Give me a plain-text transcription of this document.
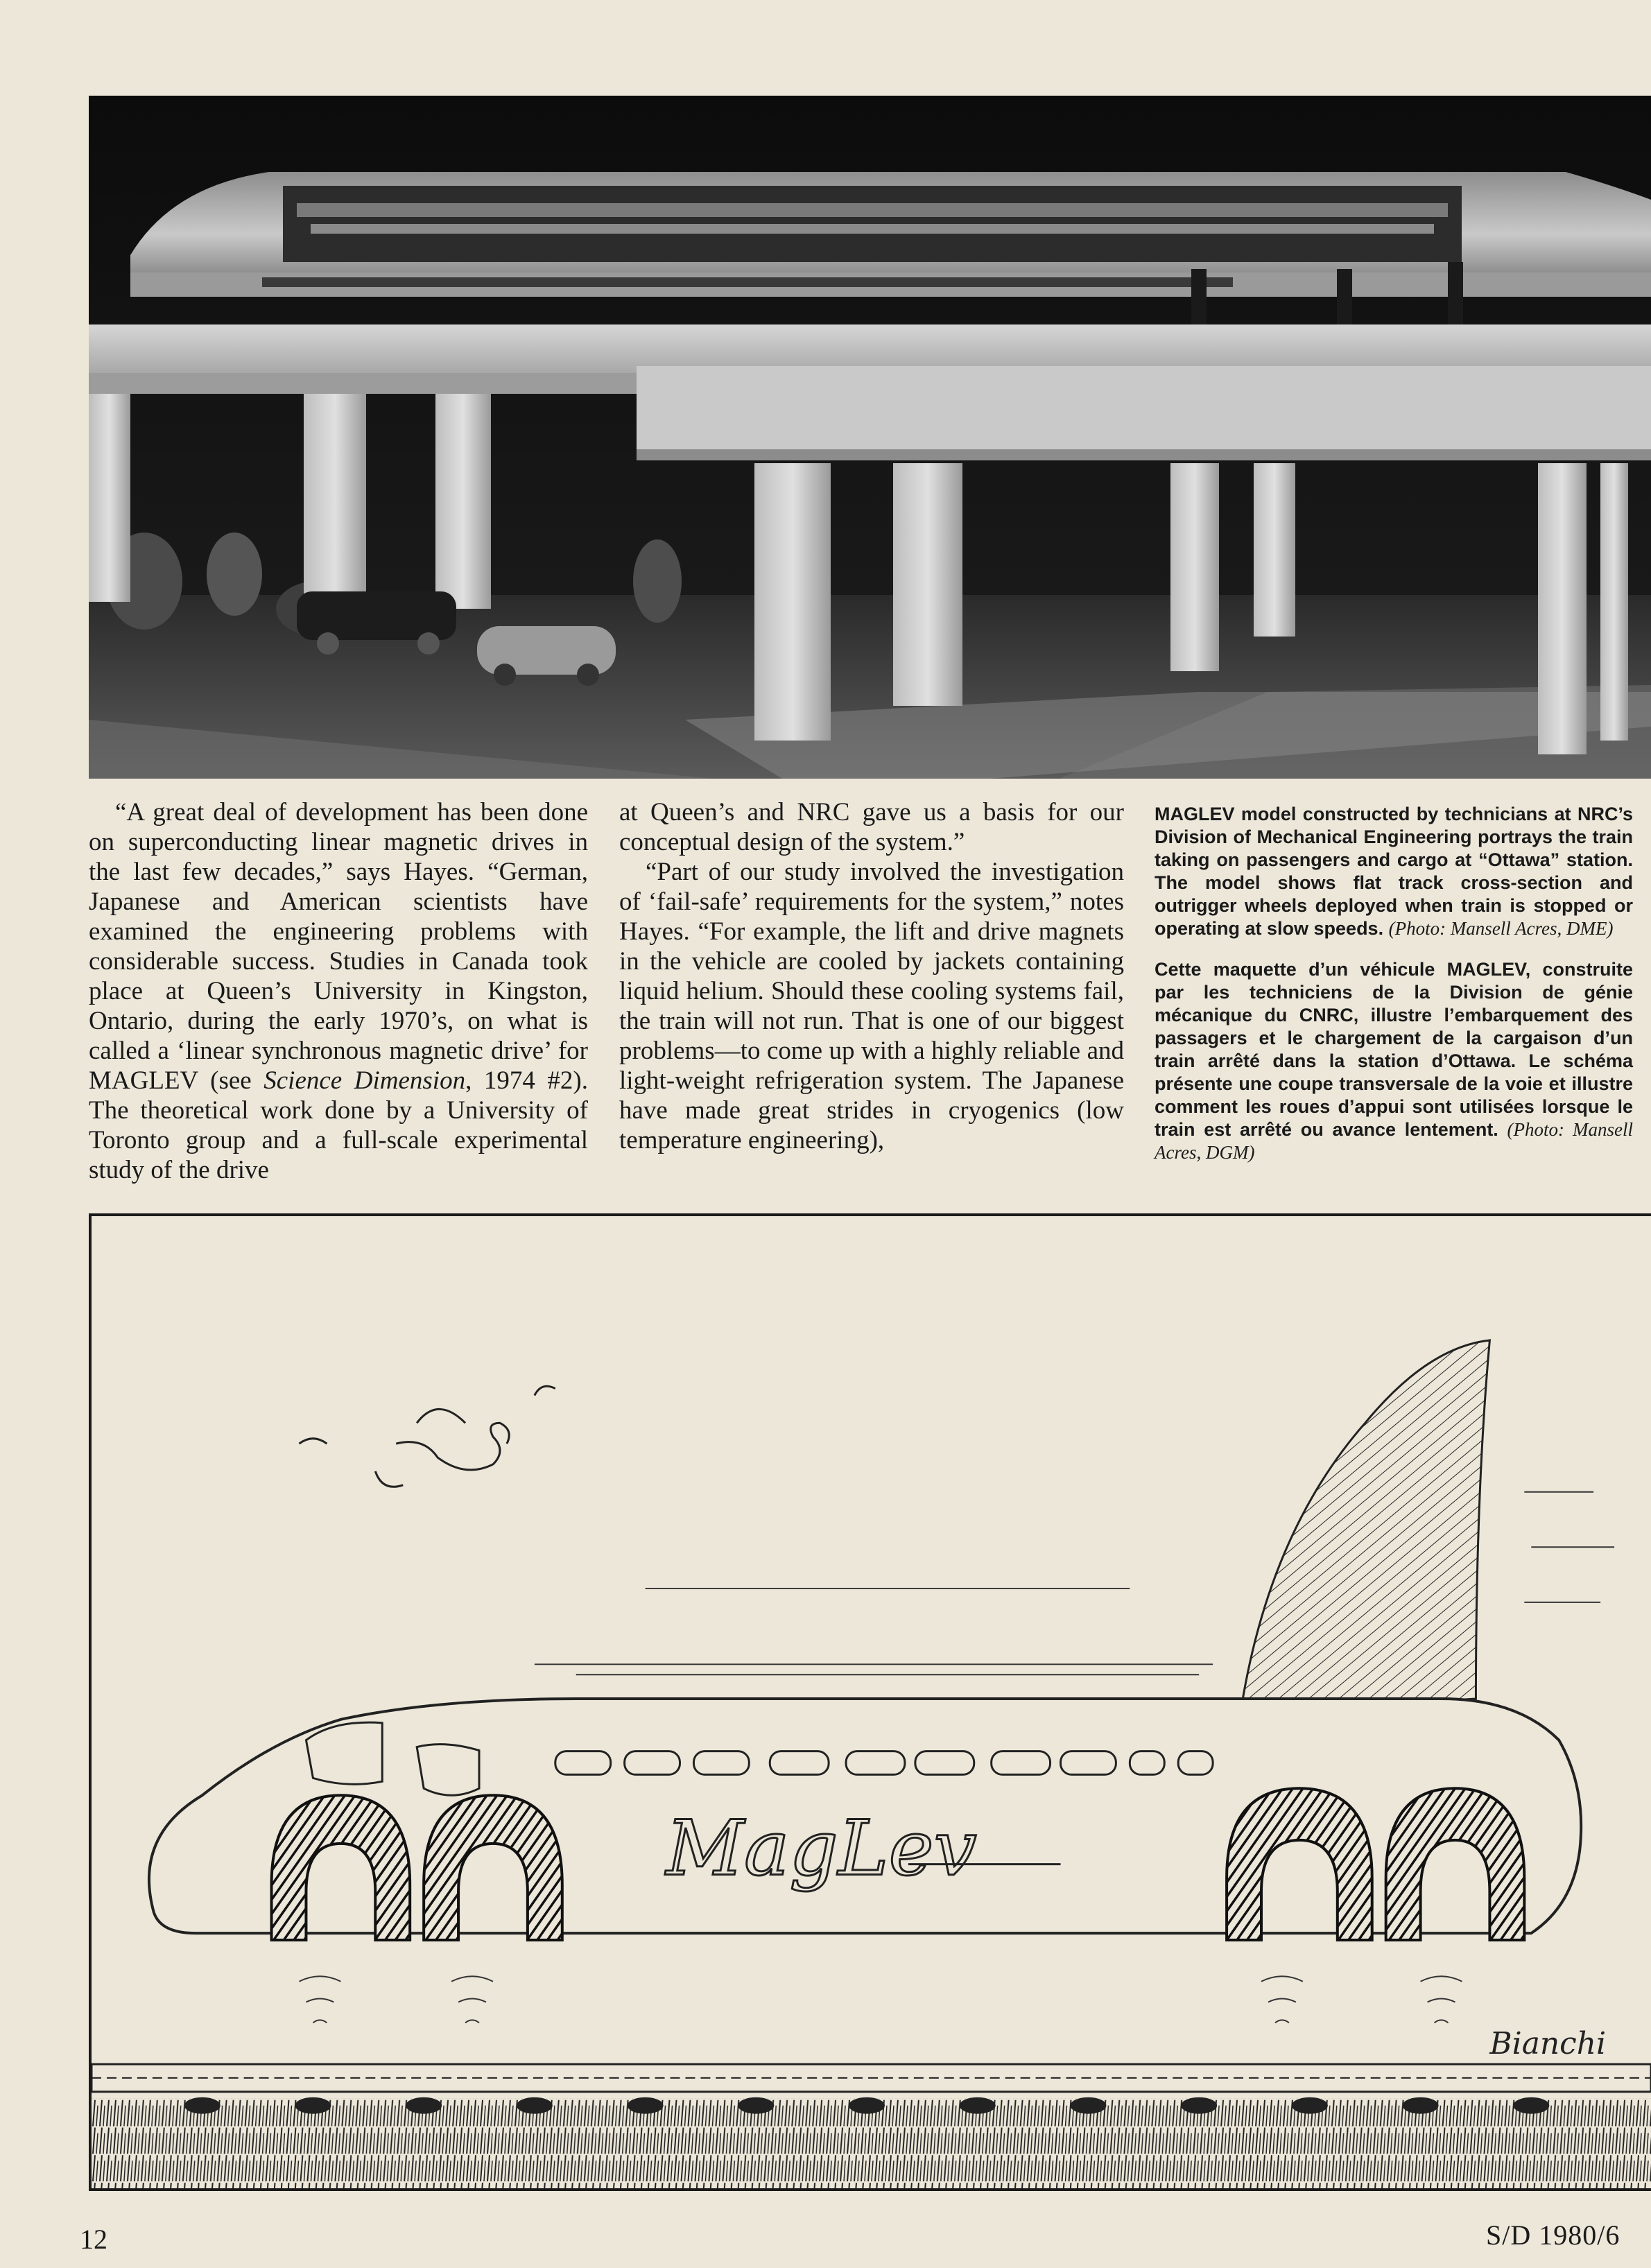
“A great deal of development has been done on superconducting linear magnetic drives in the last few decades,” says Hayes. “German, Japanese and American scientists have examined the engineering problems with considerable success. Studies in Canada took place at Queen’s University in Kingston, Ontario, during the early 1970’s, on what is called a ‘linear synchronous magnetic drive’ for MAGLEV (see Science Dimension, 1974 #2). The theoretical work done by a University of Toronto group and a full-scale experimental study of the drive

at Queen’s and NRC gave us a basis for our conceptual design of the system.”

“Part of our study involved the investigation of ‘fail-safe’ requirements for the system,” notes Hayes. “For example, the lift and drive magnets in the vehicle are cooled by jackets containing liquid helium. Should these cooling systems fail, the train will not run. That is one of our biggest problems—to come up with a highly reliable and light-weight refrigeration system. The Japanese have made great strides in cryogenics (low temperature engineering),

MAGLEV model constructed by technicians at NRC’s Division of Mechanical Engineering portrays the train taking on passengers and cargo at “Ottawa” station. The model shows flat track cross-section and outrigger wheels deployed when train is stopped or operating at slow speeds. (Photo: Mansell Acres, DME)

Cette maquette d’un véhicule MAGLEV, construite par les techniciens de la Division de génie mécanique du CNRC, illustre l’embarquement des passagers et le chargement de la cargaison d’un train arrêté dans la station d’Ottawa. Le schéma présente une coupe transversale de la voie et illustre comment les roues d’appui sont utilisées lorsque le train est arrêté ou avance lentement. (Photo: Mansell Acres, DGM)

MagLev
Bianchi
12	S/D 1980/6
